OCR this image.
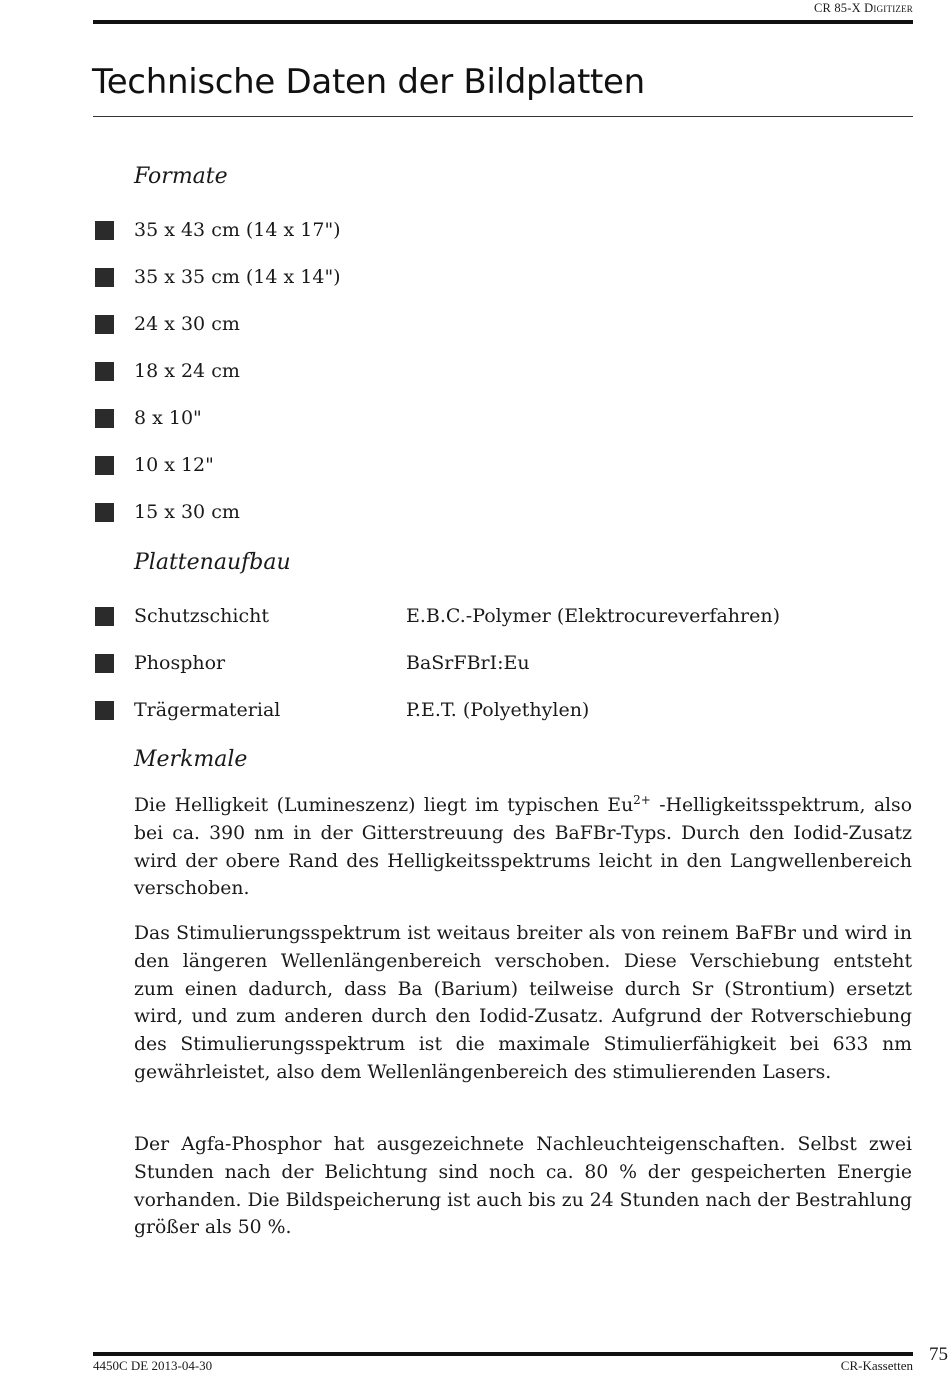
CR 85-X Digitizer
Technische Daten der Bildplatten
Formate
35 x 43 cm (14 x 17")
35 x 35 cm (14 x 14")
24 x 30 cm
18 x 24 cm
8 x 10"
10 x 12"
15 x 30 cm
Plattenaufbau
Schutzschicht	E.B.C.-Polymer (Elektrocureverfahren)
Phosphor	BaSrFBrI:Eu
Trägermaterial	P.E.T. (Polyethylen)
Merkmale

Die Helligkeit (Lumineszenz) liegt im typischen $Eu^{2+}$ -Helligkeitsspektrum, also bei ca. 390 nm in der Gitterstreuung des BaFBr-Typs. Durch den Iodid-Zusatz wird der obere Rand des Helligkeitsspektrums leicht in den Langwellenbereich verschoben.

Das Stimulierungsspektrum ist weitaus breiter als von reinem BaFBr und wird in den längeren Wellenlängenbereich verschoben. Diese Verschiebung entsteht zum einen dadurch, dass Ba (Barium) teilweise durch Sr (Strontium) ersetzt wird, und zum anderen durch den Iodid-Zusatz. Aufgrund der Rotverschiebung des Stimulierungsspektrum ist die maximale Stimulierfähigkeit bei 633 nm gewährleistet, also dem Wellenlängenbereich des stimulierenden Lasers.

Der Agfa-Phosphor hat ausgezeichnete Nachleuchteigenschaften. Selbst zwei Stunden nach der Belichtung sind noch ca. 80 % der gespeicherten Energie vorhanden. Die Bildspeicherung ist auch bis zu 24 Stunden nach der Bestrahlung größer als 50 %.

4450C DE 2013-04-30	CR-Kassetten
75
